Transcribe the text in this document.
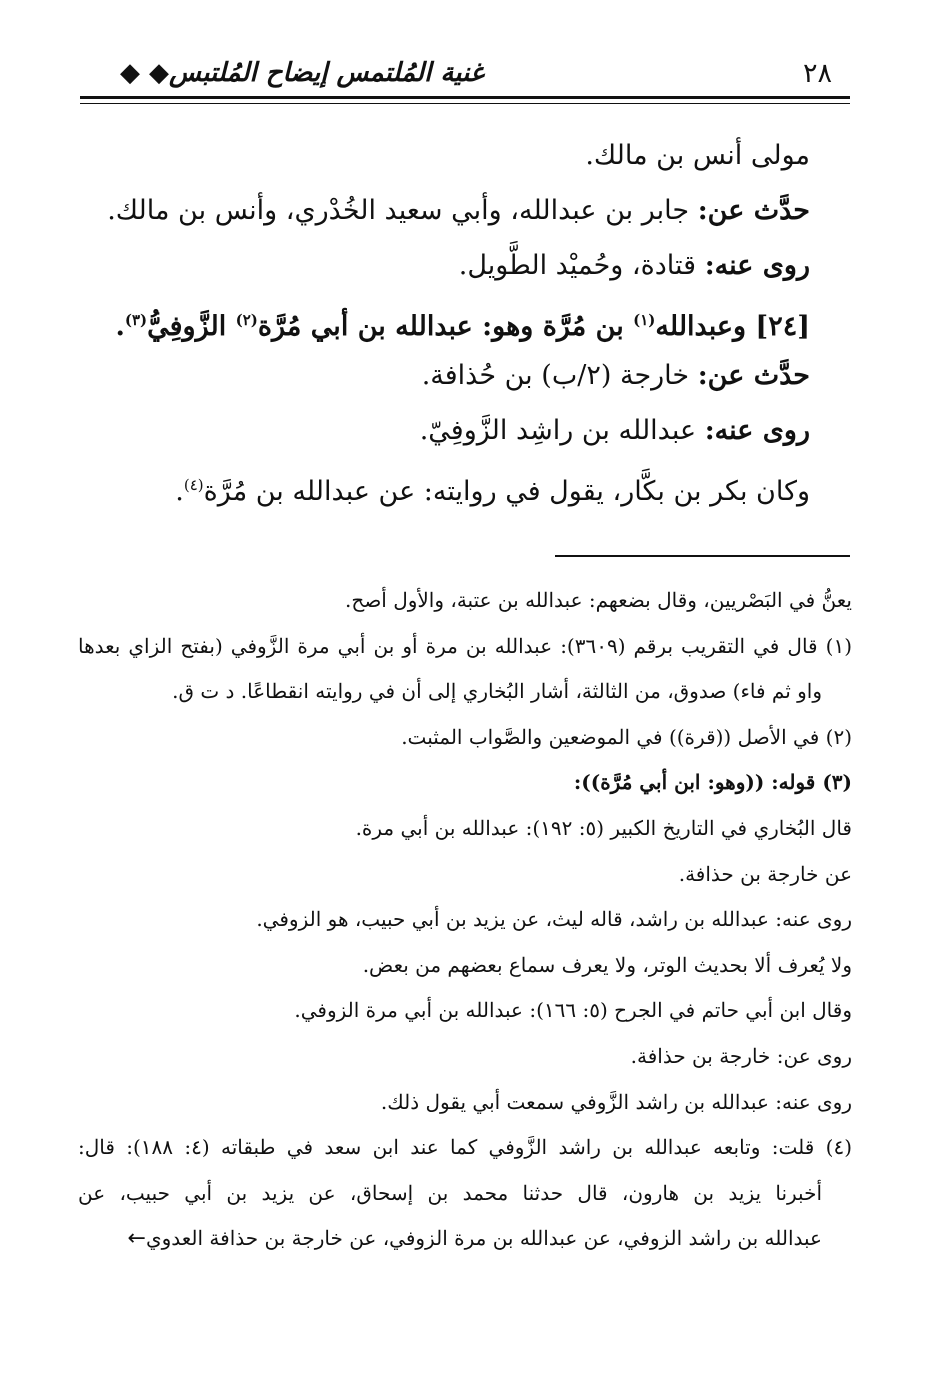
٢٨
غنية المُلتمس إيضاح المُلتبس◆ ◆
مولى أنس بن مالك.
حدَّث عن: جابر بن عبدالله، وأبي سعيد الخُدْري، وأنس بن مالك.
روى عنه: قتادة، وحُميْد الطَّويل.
[٢٤] وعبدالله$^{(١)}$ بن مُرَّة وهو: عبدالله بن أبي مُرَّة$^{(٢)}$ الزَّوفِيُّ$^{(٣)}$.
حدَّث عن: خارجة (٢/ب) بن حُذافة.
روى عنه: عبدالله بن راشِد الزَّوفِيّ.
وكان بكر بن بكَّار، يقول في روايته: عن عبدالله بن مُرَّة$^{(٤)}$.
يعنُّ في البَصْريين، وقال بضعهم: عبدالله بن عتبة، والأول أصح.
(١) قال في التقريب برقم (٣٦٠٩): عبدالله بن مرة أو بن أبي مرة الزَّوفي (بفتح الزاي بعدها
واو ثم فاء) صدوق، من الثالثة، أشار البُخاري إلى أن في روايته انقطاعًا. د ت ق.
(٢) في الأصل ((قرة)) في الموضعين والصَّواب المثبت.
(٣) قوله: ((وهو: ابن أبي مُرَّة)):
قال البُخاري في التاريخ الكبير (٥: ١٩٢): عبدالله بن أبي مرة.
عن خارجة بن حذافة.
روى عنه: عبدالله بن راشد، قاله ليث، عن يزيد بن أبي حبيب، هو الزوفي.
ولا يُعرف ألا بحديث الوتر، ولا يعرف سماع بعضهم من بعض.
وقال ابن أبي حاتم في الجرح (٥: ١٦٦): عبدالله بن أبي مرة الزوفي.
روى عن: خارجة بن حذافة.
روى عنه: عبدالله بن راشد الزَّوفي سمعت أبي يقول ذلك.
(٤) قلت: وتابعه عبدالله بن راشد الزَّوفي كما عند ابن سعد في طبقاته (٤: ١٨٨): قال:
أخبرنا يزيد بن هارون، قال حدثنا محمد بن إسحاق، عن يزيد بن أبي حبيب، عن
عبدالله بن راشد الزوفي، عن عبدالله بن مرة الزوفي، عن خارجة بن حذافة العدوي←
